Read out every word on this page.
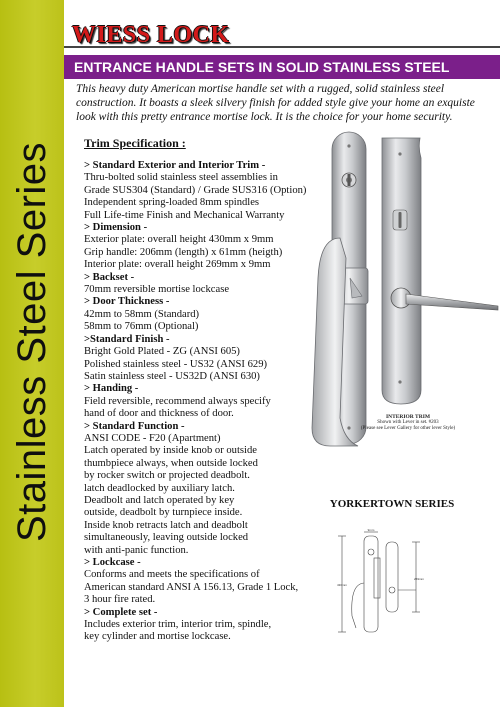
Stainless Steel Series
WIESS LOCK
ENTRANCE HANDLE SETS IN SOLID STAINLESS STEEL
This heavy duty American mortise handle set with a rugged, solid stainless steel construction. It boasts a sleek silvery finish for added style give your home an exquiste look with this pretty entrance mortise lock. It is the choice for your home security.
Trim Specification :
> Standard Exterior and Interior Trim -
Thru-bolted solid stainless steel assemblies in
Grade SUS304 (Standard) / Grade SUS316 (Option)
Independent spring-loaded 8mm spindles
Full Life-time Finish and Mechanical Warranty
> Dimension -
Exterior plate: overall height 430mm x 9mm
Grip handle: 206mm (length) x 61mm (heigth)
Interior plate: overall height 269mm x 9mm
> Backset -
70mm reversible mortise lockcase
> Door Thickness -
42mm to 58mm (Standard)
58mm to 76mm (Optional)
>Standard Finish -
Bright Gold Plated - ZG (ANSI 605)
Polished stainless steel - US32 (ANSI 629)
Satin stainless steel - US32D (ANSI 630)
> Handing -
Field reversible, recommend always specify
hand of door and thickness of door.
> Standard Function -
ANSI CODE - F20 (Apartment)
Latch operated by inside knob or outside
thumbpiece always, when outside locked
by rocker switch or projected deadbolt.
latch deadlocked by auxiliary latch.
Deadbolt and latch operated by key
outside, deadbolt by turnpiece inside.
Inside knob retracts latch and deadbolt
simultaneously, leaving outside locked
with anti-panic function.
> Lockcase -
Conforms and meets the specifications of
American standard ANSI A 156.13, Grade 1 Lock,
3 hour fire rated.
> Complete set -
Includes exterior trim, interior trim, spindle,
key cylinder and mortise lockcase.
INTERIOR TRIM
Shown with Lever in set. #203
(Please see Lever Gallery for other lever Style)
YORKERTOWN SERIES
9mm
269mm
430mm
